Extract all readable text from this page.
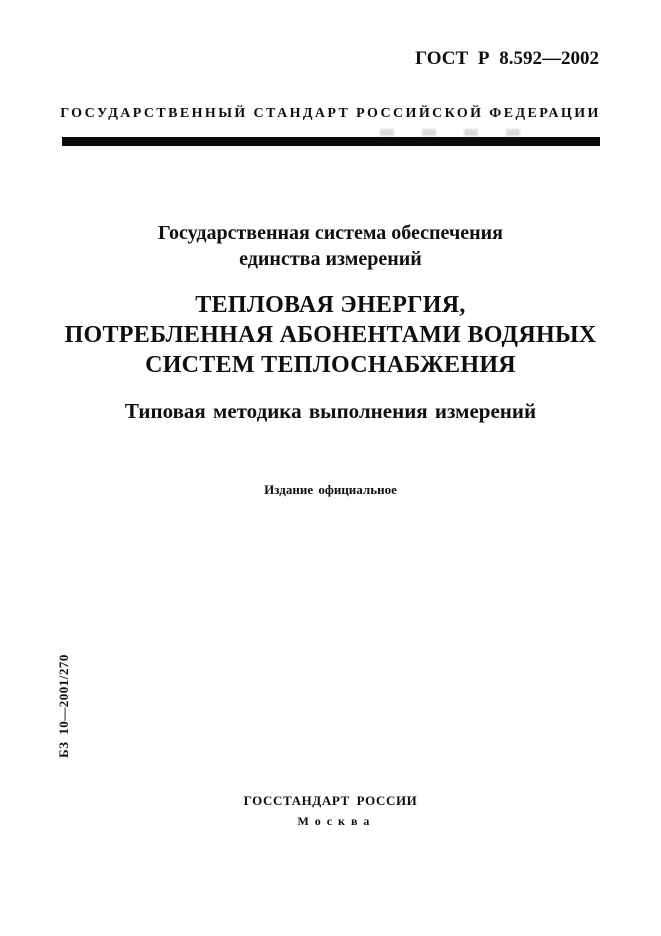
ГОСТ Р 8.592—2002
ГОСУДАРСТВЕННЫЙ СТАНДАРТ РОССИЙСКОЙ ФЕДЕРАЦИИ
Государственная система обеспечения
единства измерений
ТЕПЛОВАЯ ЭНЕРГИЯ,
ПОТРЕБЛЕННАЯ АБОНЕНТАМИ ВОДЯНЫХ
СИСТЕМ ТЕПЛОСНАБЖЕНИЯ
Типовая методика выполнения измерений
Издание официальное
БЗ 10—2001/270
ГОССТАНДАРТ РОССИИ
Москва
